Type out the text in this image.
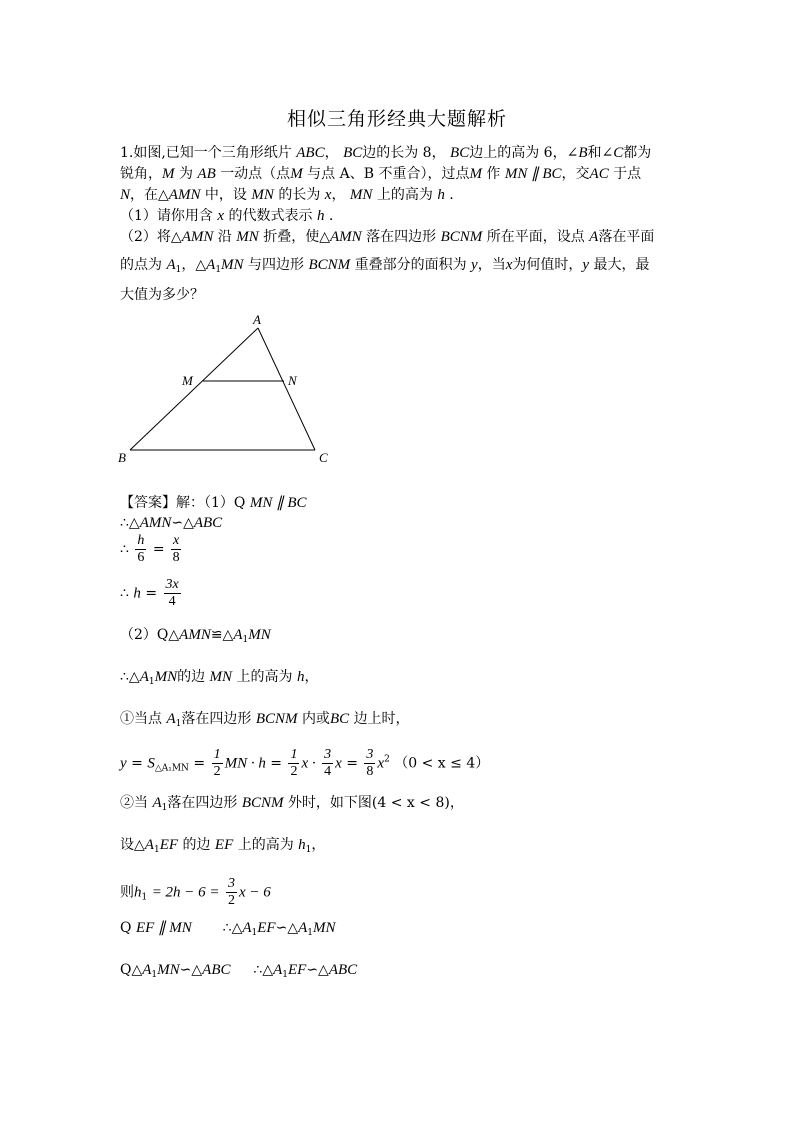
相似三角形经典大题解析
1.如图,已知一个三角形纸片 ABC， BC边的长为 8， BC边上的高为 6，∠B和∠C都为
锐角，M 为 AB 一动点（点M 与点 A、B 不重合），过点M 作 MN ∥ BC，交AC 于点
N，在△AMN 中，设 MN 的长为 x， MN 上的高为 h .
（1）请你用含 x 的代数式表示 h .
（2）将△AMN 沿 MN 折叠，使△AMN 落在四边形 BCNM 所在平面，设点 A落在平面
的点为 $A_1$，$\triangle A_1MN$ 与四边形 BCNM 重叠部分的面积为 y，当x为何值时，y 最大，最
大值为多少？
A
B	C
M	N
【答案】解：（1）Q MN ∥ BC
∴△AMN∽△ABC
∴ $\frac{h}{6} = \frac{x}{8}$
∴ $h = \frac{3x}{4}$
$(2)Q\triangle AMN≌\triangle A_1MN$
$\therefore\triangle A_1MN$的边 MN 上的高为 h，
①当点 $A_1$落在四边形 BCNM 内或BC 边上时，
$y = S_{\triangle A_1MN} = \frac{1}{2}$ MN · $h = \frac{1}{2}$ $x \cdot \frac{3}{4}$ $x = \frac{3}{8} x^2$ （0 < x ≤ 4）
②当 $A_1$落在四边形 BCNM 外时，如下图(4 < x < 8)，
设$\triangle A_1EF$ 的边 EF 上的高为 $h_1$，
则$h_1 = 2h - 6 = \frac{3}{2}$ x − 6
Q EF ∥ MN $\therefore\triangle A_1EF∽\triangle A_1MN$
$Q\triangle A_1MN∽\triangle ABC$ $\therefore\triangle A_1EF∽\triangle ABC$
